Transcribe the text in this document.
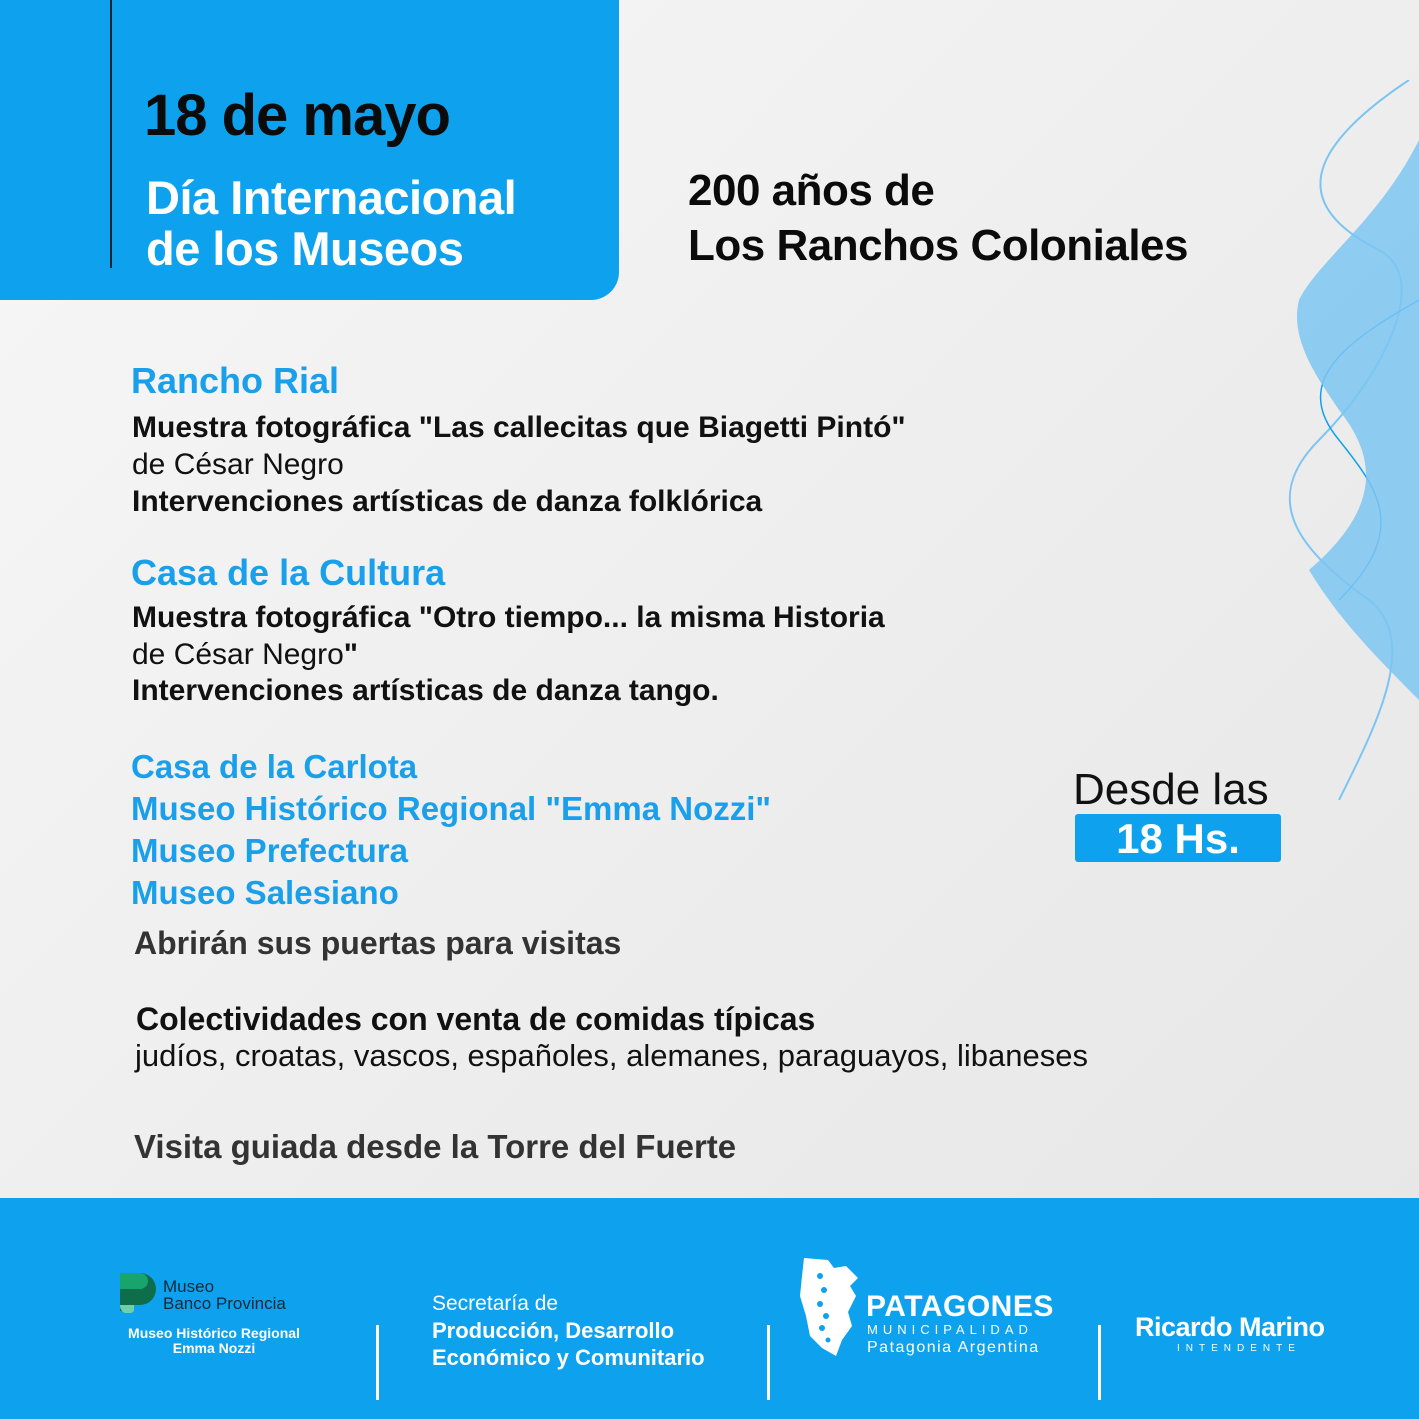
18 de mayo
Día Internacional
de los Museos
200 años de
Los Ranchos Coloniales
Rancho Rial
Muestra fotográfica "Las callecitas que Biagetti Pintó"
de César Negro
Intervenciones artísticas de danza folklórica
Casa de la Cultura
Muestra fotográfica "Otro tiempo... la misma Historia
de César Negro"
Intervenciones artísticas de danza tango.
Casa de la Carlota
Museo Histórico Regional "Emma Nozzi"
Museo Prefectura
Museo Salesiano
Abrirán sus puertas para visitas
Desde las
18 Hs.
Colectividades con venta de comidas típicas
judíos, croatas, vascos, españoles, alemanes, paraguayos, libaneses
Visita guiada desde la Torre del Fuerte
Museo
Banco Provincia
Museo Histórico Regional
Emma Nozzi
Secretaría de
Producción, Desarrollo
Económico y Comunitario
PATAGONES
MUNICIPALIDAD
Patagonia Argentina
Ricardo Marino
INTENDENTE
